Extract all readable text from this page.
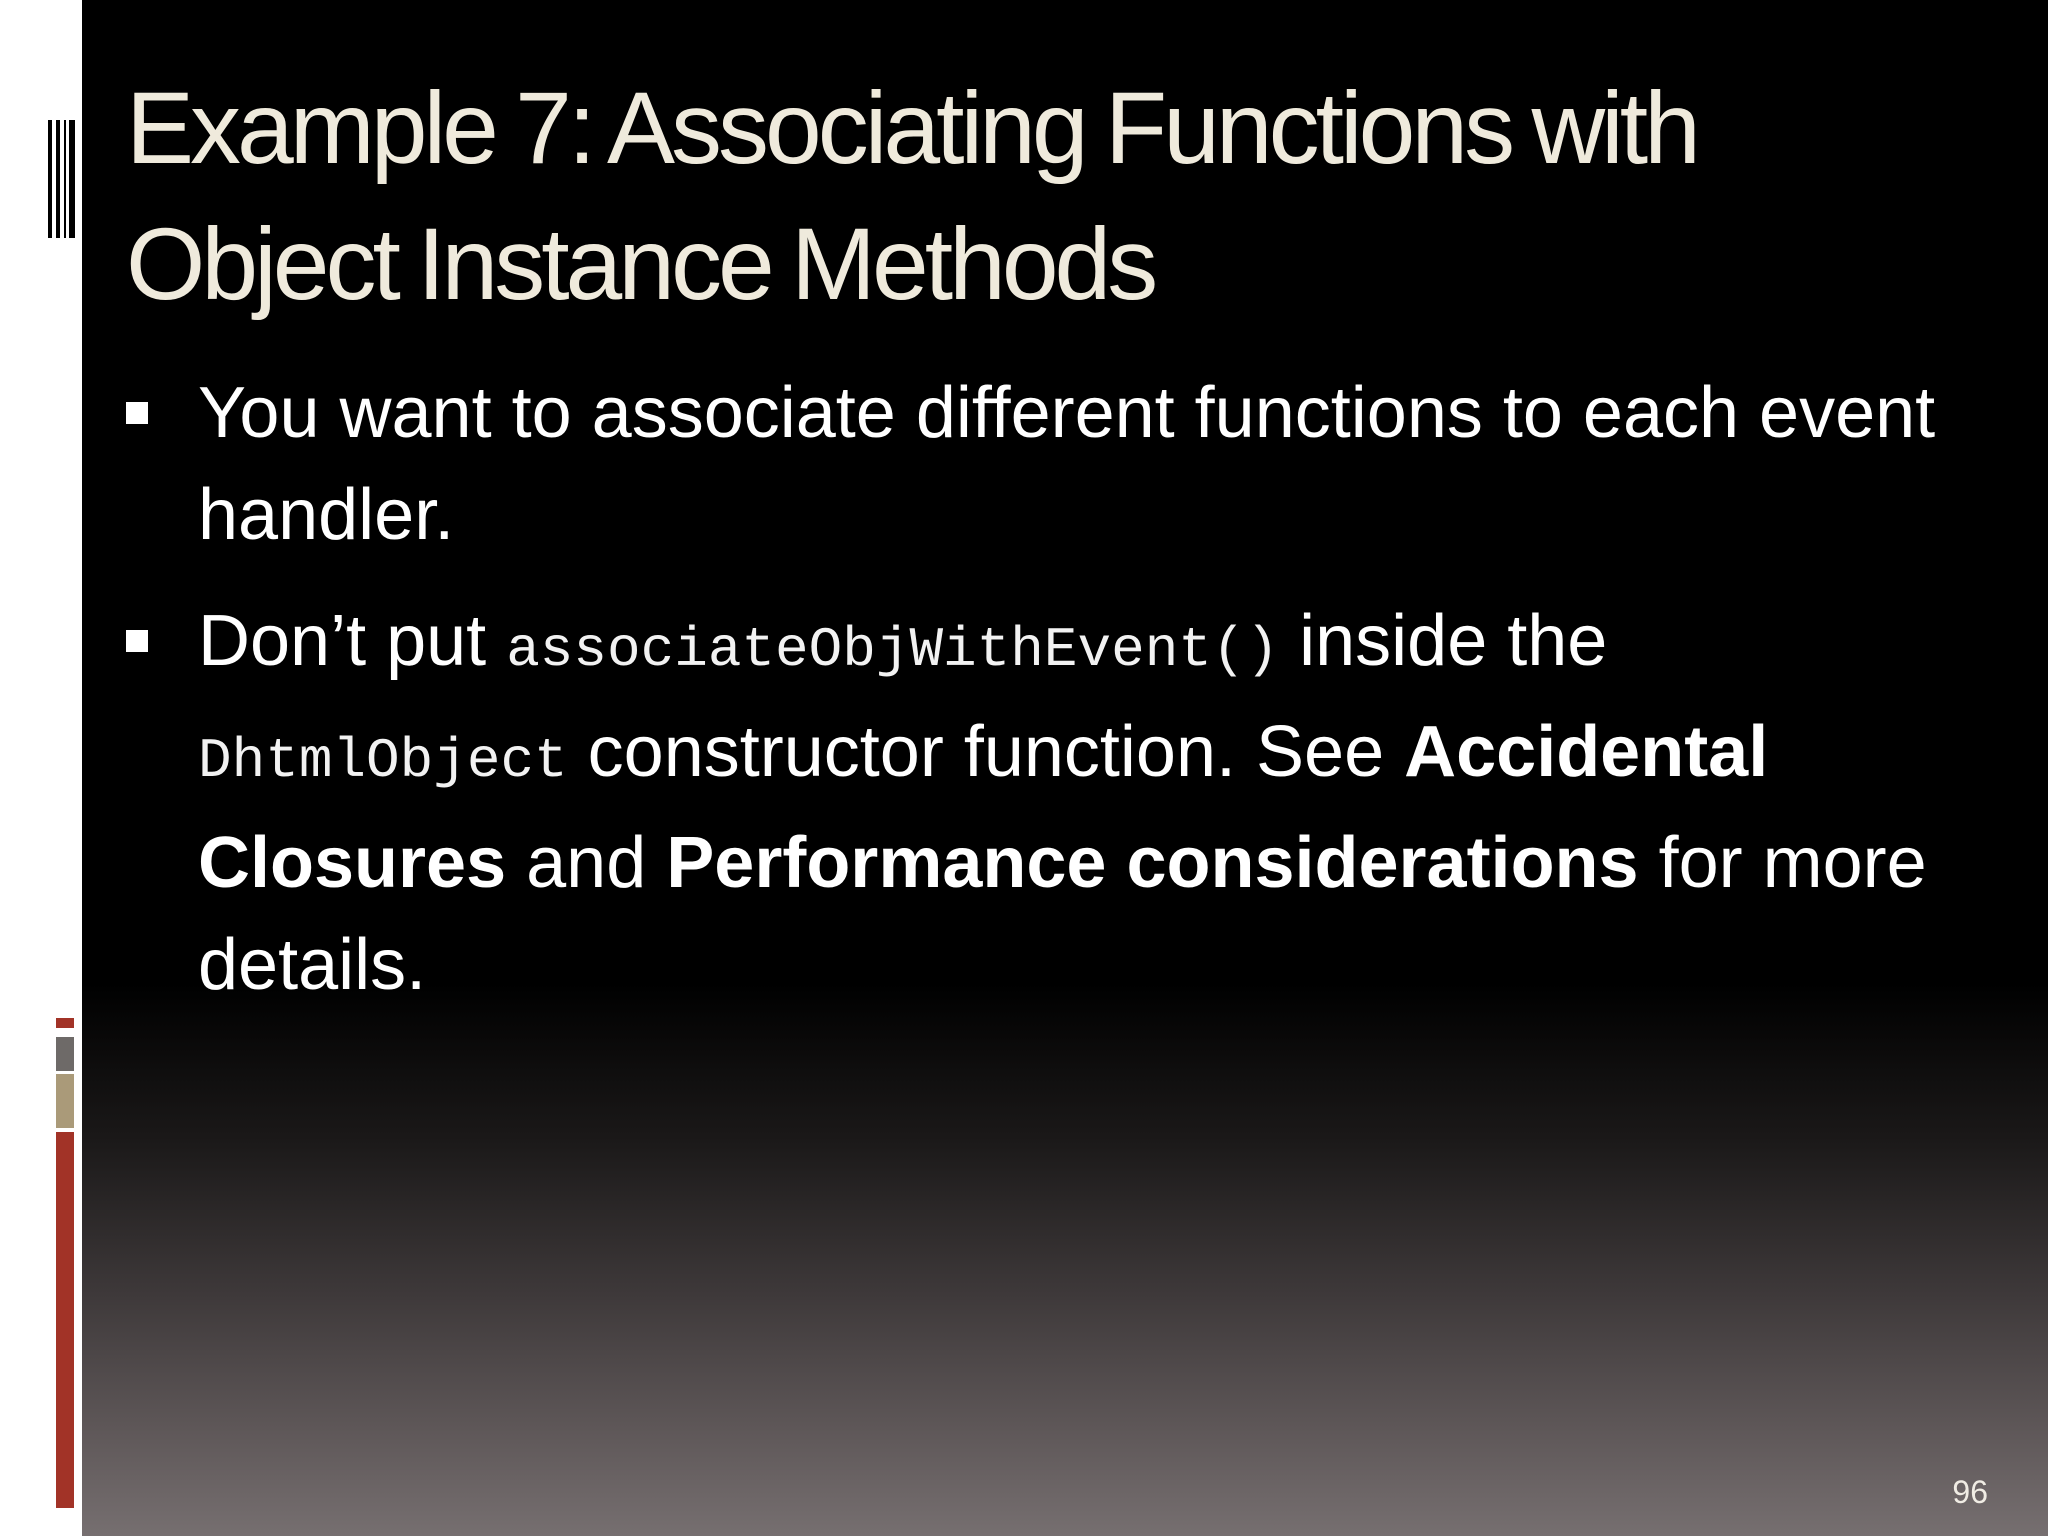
Example 7: Associating Functions with Object Instance Methods
You want to associate different functions to each event handler.
Don’t put associateObjWithEvent() inside the DhtmlObject constructor function. See Accidental Closures and Performance considerations for more details.
96
